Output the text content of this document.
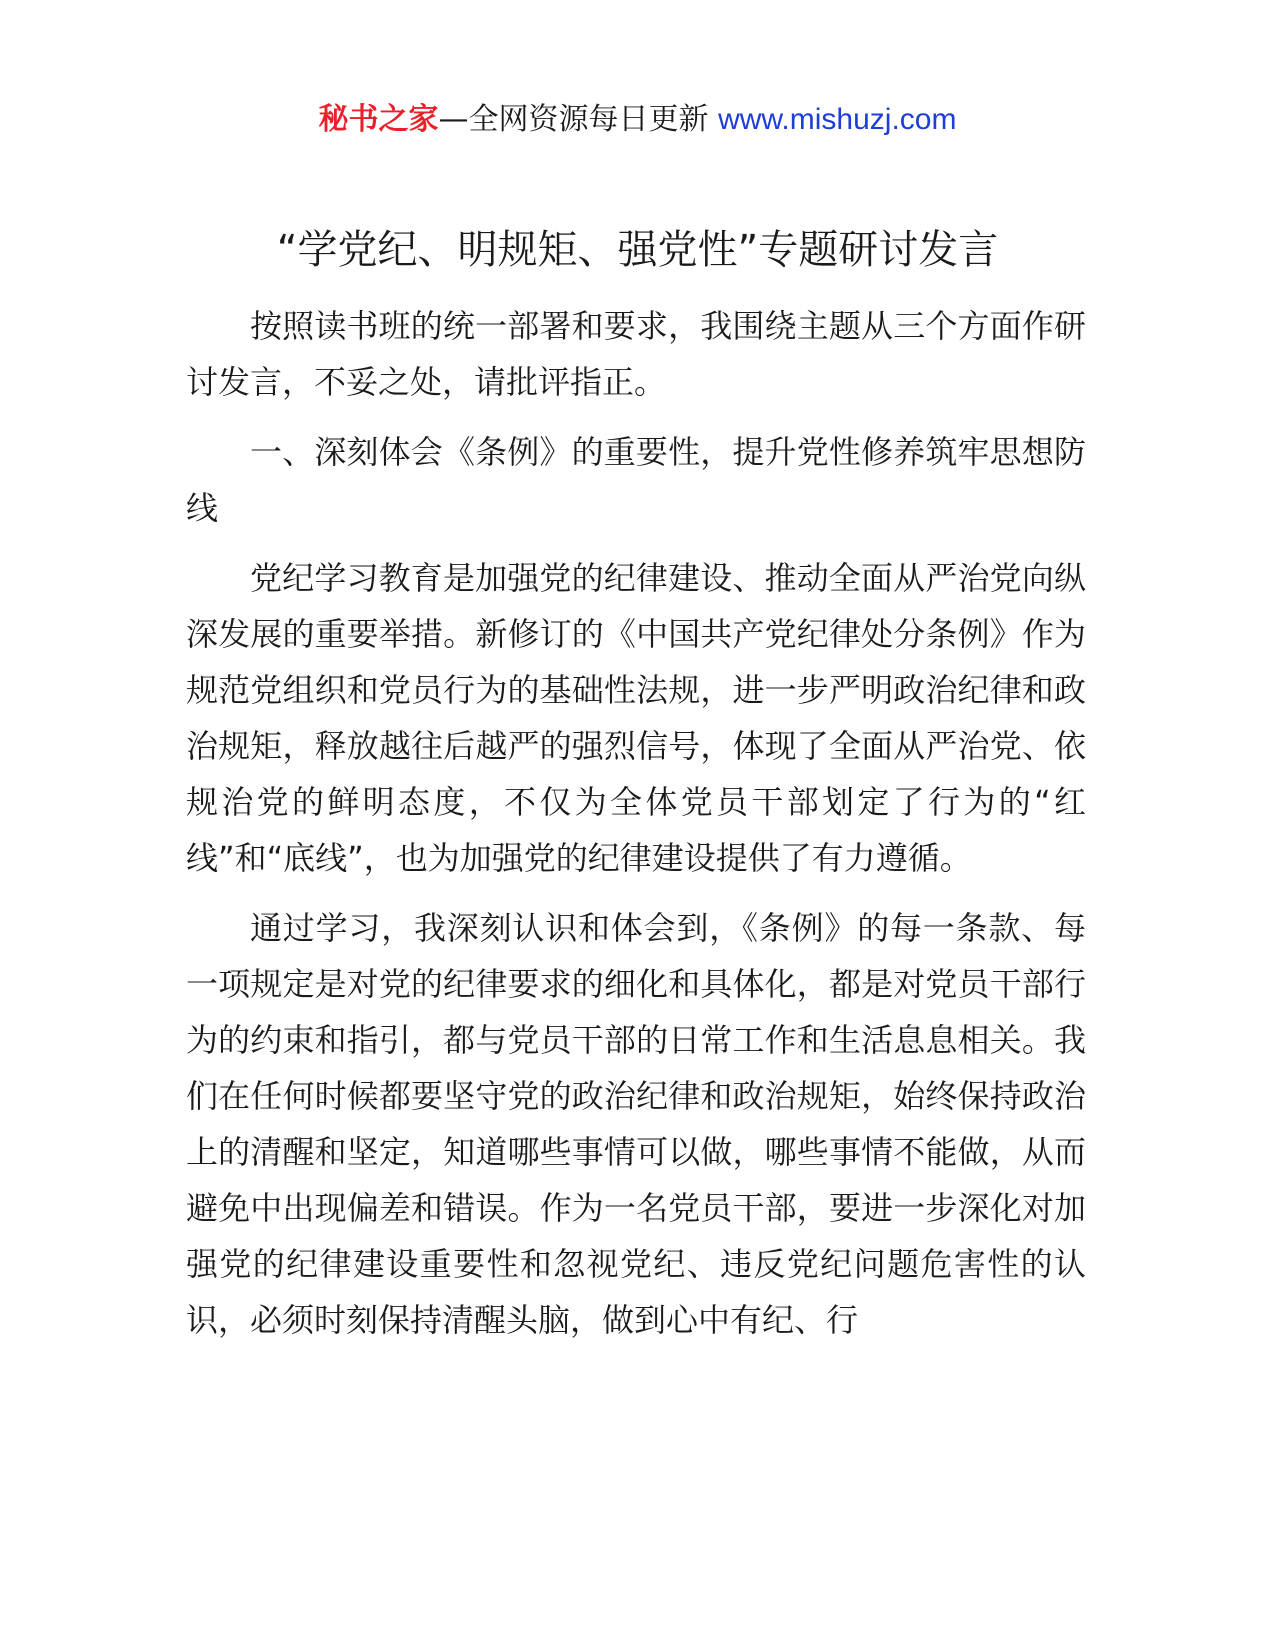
秘书之家—全网资源每日更新 www.mishuzj.com
“学党纪、明规矩、强党性”专题研讨发言

按照读书班的统一部署和要求，我围绕主题从三个方面作研讨发言，不妥之处，请批评指正。

一、深刻体会《条例》的重要性，提升党性修养筑牢思想防线

党纪学习教育是加强党的纪律建设、推动全面从严治党向纵深发展的重要举措。新修订的《中国共产党纪律处分条例》作为规范党组织和党员行为的基础性法规，进一步严明政治纪律和政治规矩，释放越往后越严的强烈信号，体现了全面从严治党、依规治党的鲜明态度，不仅为全体党员干部划定了行为的“红线”和“底线”，也为加强党的纪律建设提供了有力遵循。

通过学习，我深刻认识和体会到，《条例》的每一条款、每一项规定是对党的纪律要求的细化和具体化，都是对党员干部行为的约束和指引，都与党员干部的日常工作和生活息息相关。我们在任何时候都要坚守党的政治纪律和政治规矩，始终保持政治上的清醒和坚定，知道哪些事情可以做，哪些事情不能做，从而避免中出现偏差和错误。作为一名党员干部，要进一步深化对加强党的纪律建设重要性和忽视党纪、违反党纪问题危害性的认识，必须时刻保持清醒头脑，做到心中有纪、行
